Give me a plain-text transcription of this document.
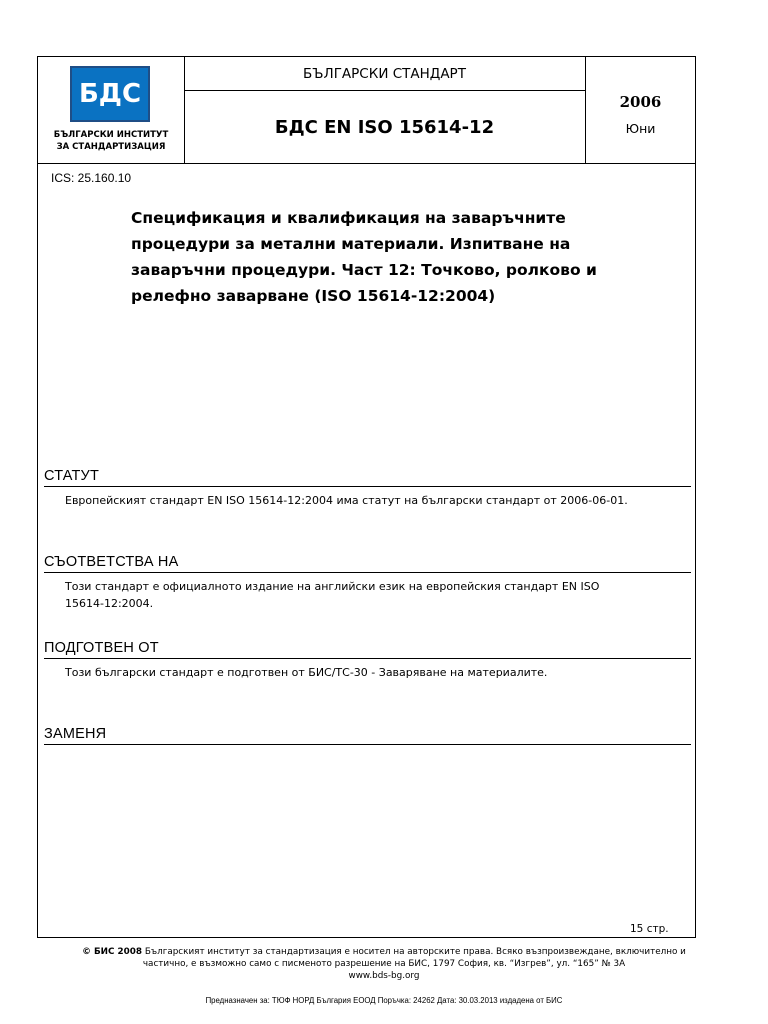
БДС
БЪЛГАРСКИ ИНСТИТУТ
ЗА СТАНДАРТИЗАЦИЯ
БЪЛГАРСКИ СТАНДАРТ
БДС EN ISO 15614-12
2006
Юни
ICS: 25.160.10
Спецификация и квалификация на заваръчните
процедури за метални материали. Изпитване на
заваръчни процедури. Част 12: Точково, ролково и
релефно заварване (ISO 15614-12:2004)
СТАТУТ
Европейският стандарт EN ISO 15614-12:2004 има статут на български стандарт от 2006-06-01.
СЪОТВЕТСТВА НА
Този стандарт е официалното издание на английски език на европейския стандарт EN ISO
15614-12:2004.
ПОДГОТВЕН ОТ
Този български стандарт е подготвен от БИС/ТС-30 - Заваряване на материалите.
ЗАМЕНЯ
15 стр.
© БИС 2008 Българският институт за стандартизация е носител на авторските права. Всяко възпроизвеждане, включително и
частично, е възможно само с писменото разрешение на БИС, 1797 София, кв. “Изгрев”, ул. “165” № 3А
www.bds-bg.org
Предназначен за: ТЮФ НОРД България ЕООД Поръчка: 24262 Дата: 30.03.2013 издадена от БИС
